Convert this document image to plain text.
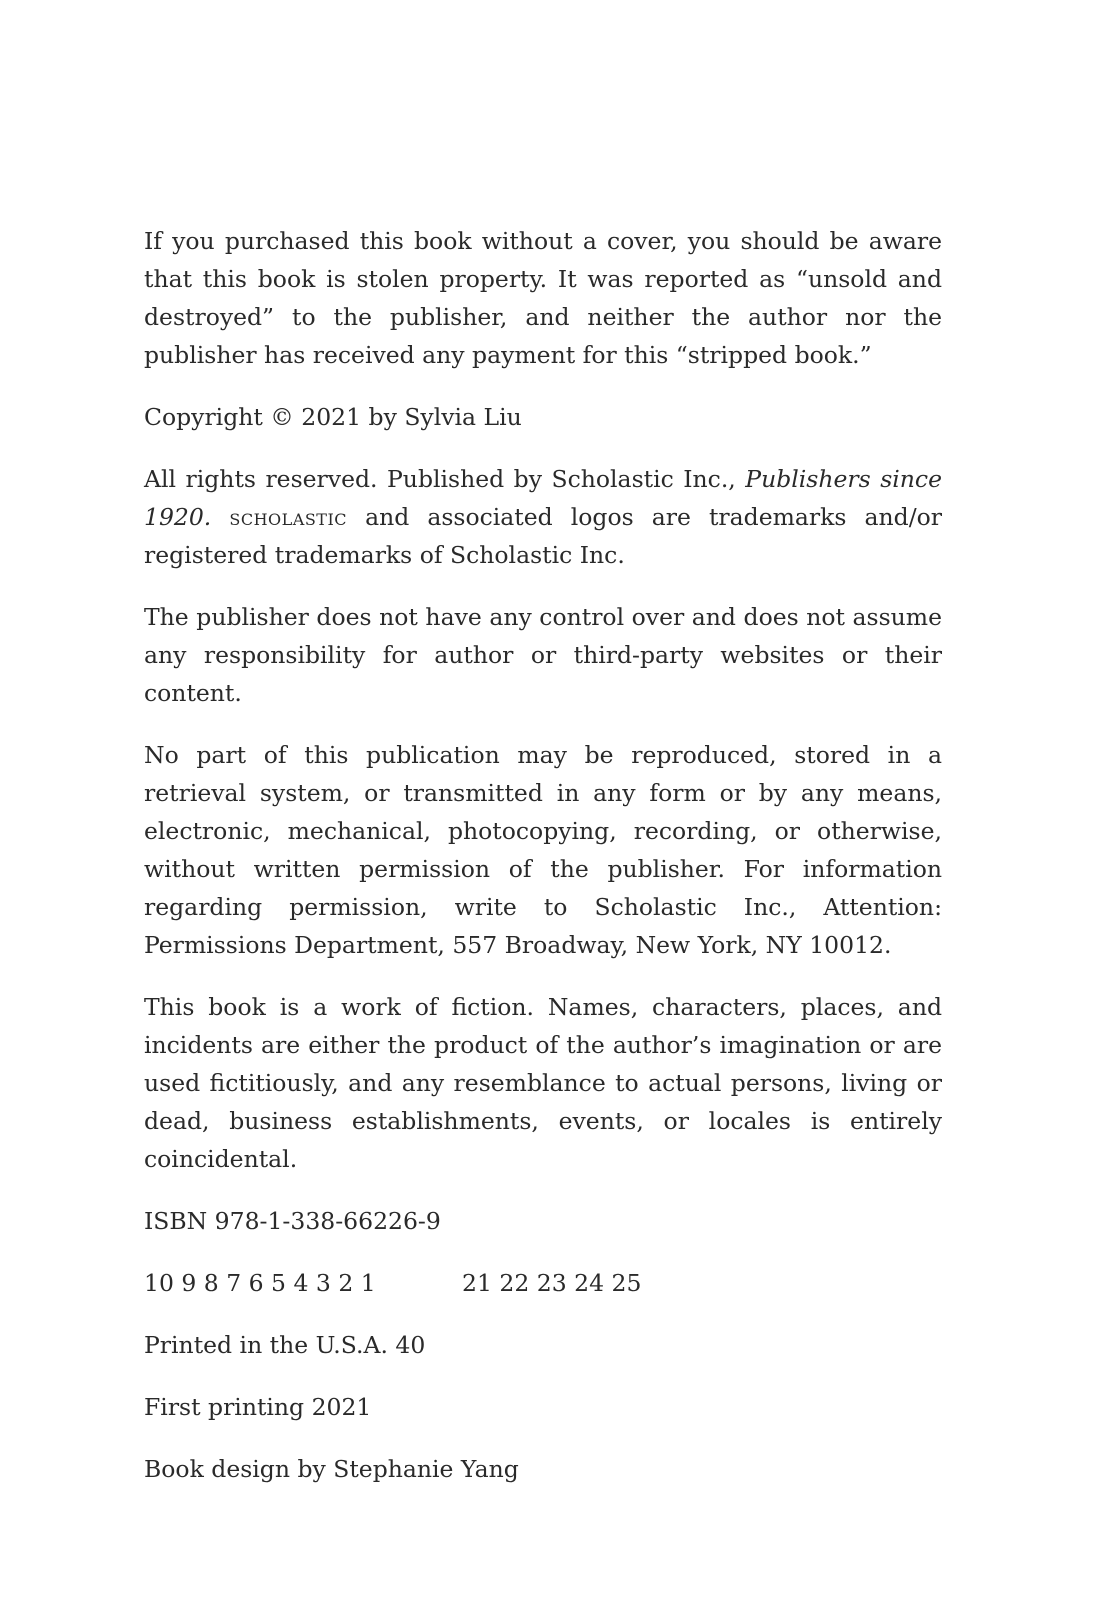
If you purchased this book without a cover, you should be aware that this book is stolen property. It was reported as “unsold and destroyed” to the publisher, and neither the author nor the publisher has received any payment for this “stripped book.”

Copyright © 2021 by Sylvia Liu

All rights reserved. Published by Scholastic Inc., Publishers since 1920. scholastic and associated logos are trademarks and/or registered trademarks of Scholastic Inc.

The publisher does not have any control over and does not assume any responsibility for author or third-party websites or their content.

No part of this publication may be reproduced, stored in a retrieval system, or transmitted in any form or by any means, electronic, mechanical, photocopying, recording, or otherwise, without written permission of the publisher. For information regarding permission, write to Scholastic Inc., Attention: Permissions Department, 557 Broadway, New York, NY 10012.

This book is a work of fiction. Names, characters, places, and incidents are either the product of the author’s imagination or are used fictitiously, and any resemblance to actual persons, living or dead, business establishments, events, or locales is entirely coincidental.

ISBN 978-1-338-66226-9

10 9 8 7 6 5 4 3 2 1	21 22 23 24 25

Printed in the U.S.A. 40

First printing 2021

Book design by Stephanie Yang
